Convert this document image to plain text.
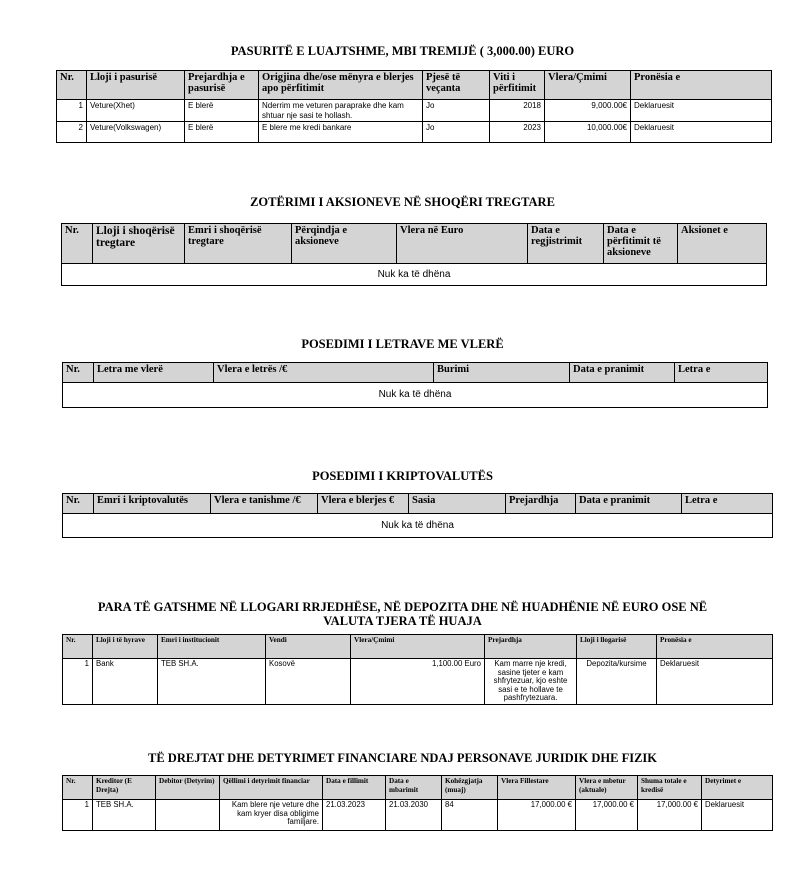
PASURITË E LUAJTSHME, MBI TREMIJË ( 3,000.00) EURO
Nr.	Lloji i pasurisë	Prejardhja e pasurisë	Origjina dhe/ose mënyra e blerjes apo përfitimit	Pjesë të veçanta	Viti i përfitimit	Vlera/Çmimi	Pronësia e
1	Veture(Xhet)	E blerë	Nderrim me veturen paraprake dhe kam shtuar nje sasi te hollash.	Jo	2018	9,000.00€	Deklaruesit
2	Veture(Volkswagen)	E blerë	E blere me kredi bankare	Jo	2023	10,000.00€	Deklaruesit
ZOTËRIMI I AKSIONEVE NË SHOQËRI TREGTARE
Nr.	Lloji i shoqërisë tregtare	Emri i shoqërisë tregtare	Përqindja e aksioneve	Vlera në Euro	Data e regjistrimit	Data e përfitimit të aksioneve	Aksionet e
Nuk ka të dhëna
POSEDIMI I LETRAVE ME VLERË
Nr.	Letra me vlerë	Vlera e letrës /€	Burimi	Data e pranimit	Letra e
Nuk ka të dhëna
POSEDIMI I KRIPTOVALUTËS
Nr.	Emri i kriptovalutës	Vlera e tanishme /€	Vlera e blerjes €	Sasia	Prejardhja	Data e pranimit	Letra e
Nuk ka të dhëna
PARA TË GATSHME NË LLOGARI RRJEDHËSE, NË DEPOZITA DHE NË HUADHËNIE NË EURO OSE NË
VALUTA TJERA TË HUAJA
Nr.	Lloji i të hyrave	Emri i institucionit	Vendi	Vlera/Çmimi	Prejardhja	Lloji i llogarisë	Pronësia e
1	Bank	TEB SH.A.	Kosovë	1,100.00 Euro	Kam marre nje kredi, sasine tjeter e kam shfrytezuar, kjo eshte sasi e te hollave te pashfrytezuara.	Depozita/kursime	Deklaruesit
TË DREJTAT DHE DETYRIMET FINANCIARE NDAJ PERSONAVE JURIDIK DHE FIZIK
Nr.	Kreditor (E Drejta)	Debitor (Detyrim)	Qëllimi i detyrimit financiar	Data e fillimit	Data e mbarimit	Kohëzgjatja (muaj)	Vlera Fillestare	Vlera e mbetur (aktuale)	Shuma totale e kredisë	Detyrimet e
1	TEB SH.A.		Kam blere nje veture dhe kam kryer disa obligime familjare.	21.03.2023	21.03.2030	84	17,000.00 €	17,000.00 €	17,000.00 €	Deklaruesit
